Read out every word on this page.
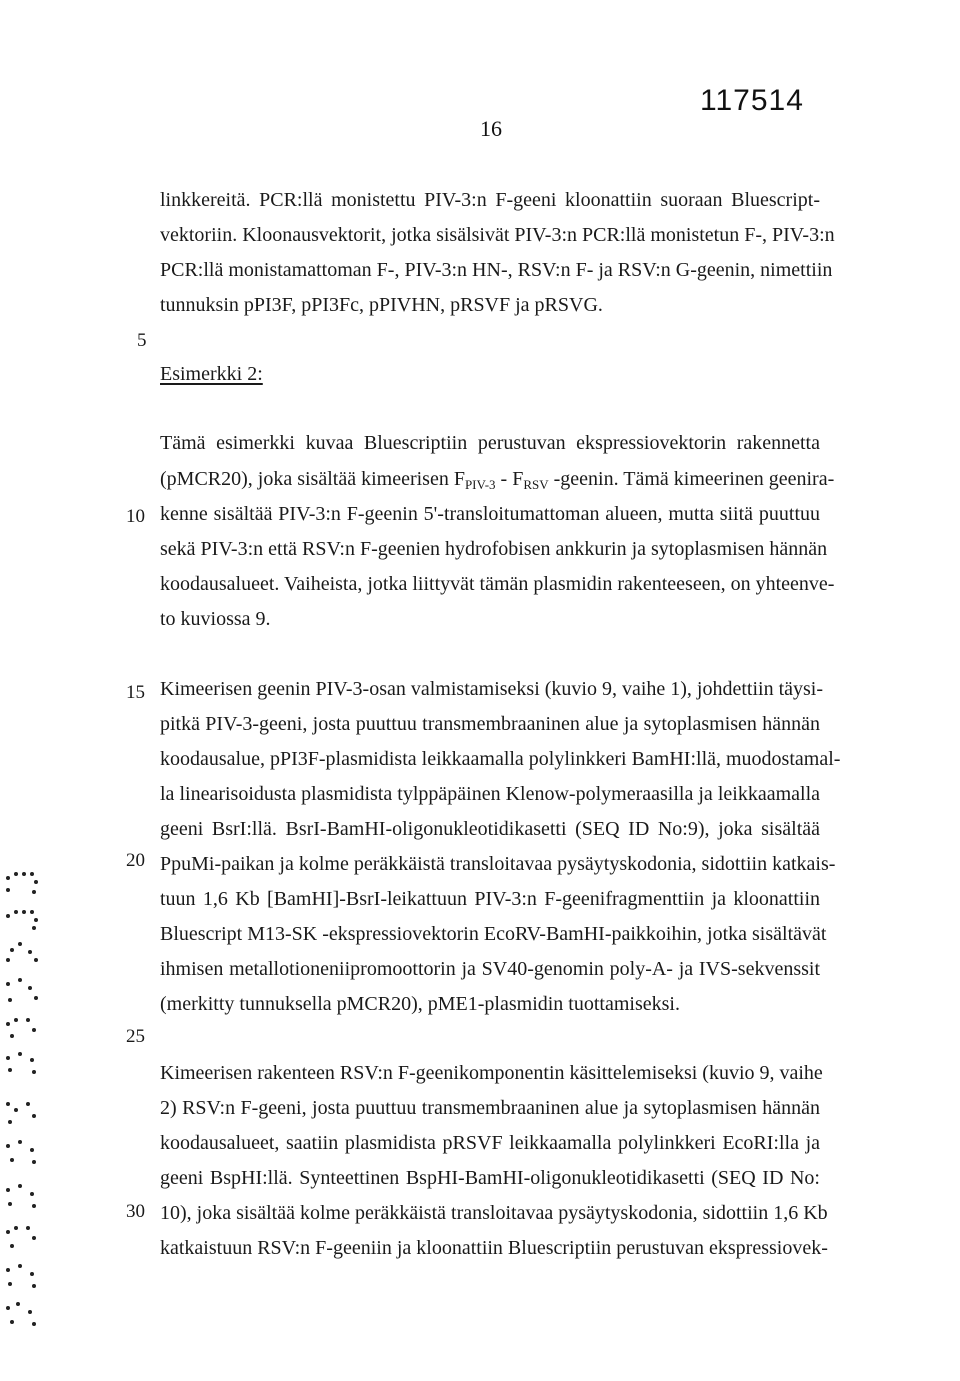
117514
16
5
10
15
20
25
30
linkkereitä. PCR:llä monistettu PIV-3:n F-geeni kloonattiin suoraan Bluescript-
vektoriin. Kloonausvektorit, jotka sisälsivät PIV-3:n PCR:llä monistetun F-, PIV-3:n
PCR:llä monistamattoman F-, PIV-3:n HN-, RSV:n F- ja RSV:n G-geenin, nimettiin
tunnuksin pPI3F, pPI3Fc, pPIVHN, pRSVF ja pRSVG.
Esimerkki 2:
Tämä esimerkki kuvaa Bluescriptiin perustuvan ekspressiovektorin rakennetta
(pMCR20), joka sisältää kimeerisen $F_{PIV-3} - F_{RSV}$ -geenin. Tämä kimeerinen geenira-
kenne sisältää PIV-3:n F-geenin 5'-transloitumattoman alueen, mutta siitä puuttuu
sekä PIV-3:n että RSV:n F-geenien hydrofobisen ankkurin ja sytoplasmisen hännän
koodausalueet. Vaiheista, jotka liittyvät tämän plasmidin rakenteeseen, on yhteenve-
to kuviossa 9.
Kimeerisen geenin PIV-3-osan valmistamiseksi (kuvio 9, vaihe 1), johdettiin täysi-
pitkä PIV-3-geeni, josta puuttuu transmembraaninen alue ja sytoplasmisen hännän
koodausalue, pPI3F-plasmidista leikkaamalla polylinkkeri BamHI:llä, muodostamal-
la linearisoidusta plasmidista tylppäpäinen Klenow-polymeraasilla ja leikkaamalla
geeni BsrI:llä. BsrI-BamHI-oligonukleotidikasetti (SEQ ID No:9), joka sisältää
PpuMi-paikan ja kolme peräkkäistä transloitavaa pysäytyskodonia, sidottiin katkais-
tuun 1,6 Kb [BamHI]-BsrI-leikattuun PIV-3:n F-geenifragmenttiin ja kloonattiin
Bluescript M13-SK -ekspressiovektorin EcoRV-BamHI-paikkoihin, jotka sisältävät
ihmisen metallotioneniipromoottorin ja SV40-genomin poly-A- ja IVS-sekvenssit
(merkitty tunnuksella pMCR20), pME1-plasmidin tuottamiseksi.
Kimeerisen rakenteen RSV:n F-geenikomponentin käsittelemiseksi (kuvio 9, vaihe
2) RSV:n F-geeni, josta puuttuu transmembraaninen alue ja sytoplasmisen hännän
koodausalueet, saatiin plasmidista pRSVF leikkaamalla polylinkkeri EcoRI:lla ja
geeni BspHI:llä. Synteettinen BspHI-BamHI-oligonukleotidikasetti (SEQ ID No:
10), joka sisältää kolme peräkkäistä transloitavaa pysäytyskodonia, sidottiin 1,6 Kb
katkaistuun RSV:n F-geeniin ja kloonattiin Bluescriptiin perustuvan ekspressiovek-
